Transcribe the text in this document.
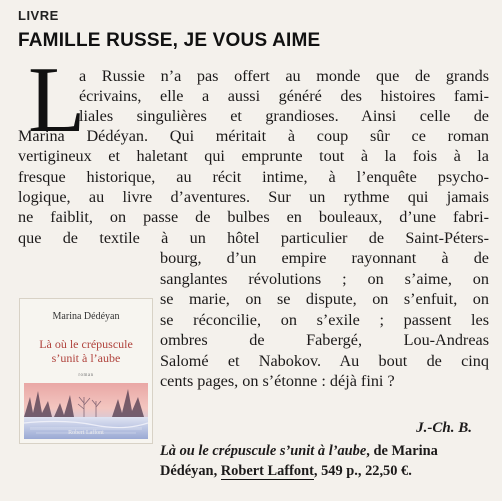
LIVRE
FAMILLE RUSSE, JE VOUS AIME
L
a Russie n’a pas offert au monde que de grands
écrivains, elle a aussi généré des histoires fami-
liales singulières et grandioses. Ainsi celle de
Marina Dédéyan. Qui méritait à coup sûr ce roman
vertigineux et haletant qui emprunte tout à la fois à la
fresque historique, au récit intime, à l’enquête psycho-
logique, au livre d’aventures. Sur un rythme qui jamais
ne faiblit, on passe de bulbes en bouleaux, d’une fabri-
que de textile à un hôtel particulier de Saint-Péters-
bourg, d’un empire rayonnant à de
sanglantes révolutions ; on s’aime, on
se marie, on se dispute, on s’enfuit, on
se réconcilie, on s’exile ; passent les
ombres de Fabergé, Lou-Andreas
Salomé et Nabokov. Au bout de cinq
cents pages, on s’étonne : déjà fini ?
Marina Dédéyan
Là où le crépuscule
s’unit à l’aube
roman
Robert Laffont	J.-Ch. B.
Là ou le crépuscule s’unit à l’aube, de Marina Dédéyan, Robert Laffont, 549 p., 22,50 €.
